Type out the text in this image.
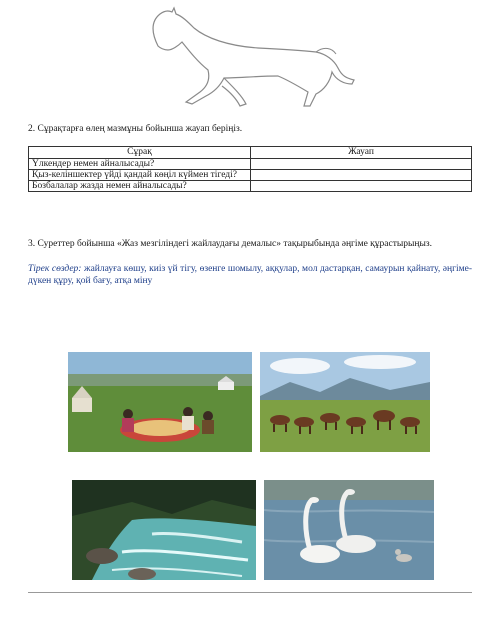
2. Сұрақтарға өлең мазмұны бойынша жауап беріңіз.
Сұрақ	Жауап
Үлкендер немен айналысады?	
Қыз-келіншектер үйді қандай көңіл күймен тігеді?	
Бозбалалар жазда немен айналысады?	
3. Суреттер бойынша «Жаз мезгіліндегі жайлаудағы демалыс» тақырыбында әңгіме құрастырыңыз.
Тірек сөздер: жайлауға көшу, киіз үй тігу, өзенге шомылу, аққулар, мол дастарқан, самаурын қайнату, әңгіме-дүкен құру, қой бағу, атқа міну
